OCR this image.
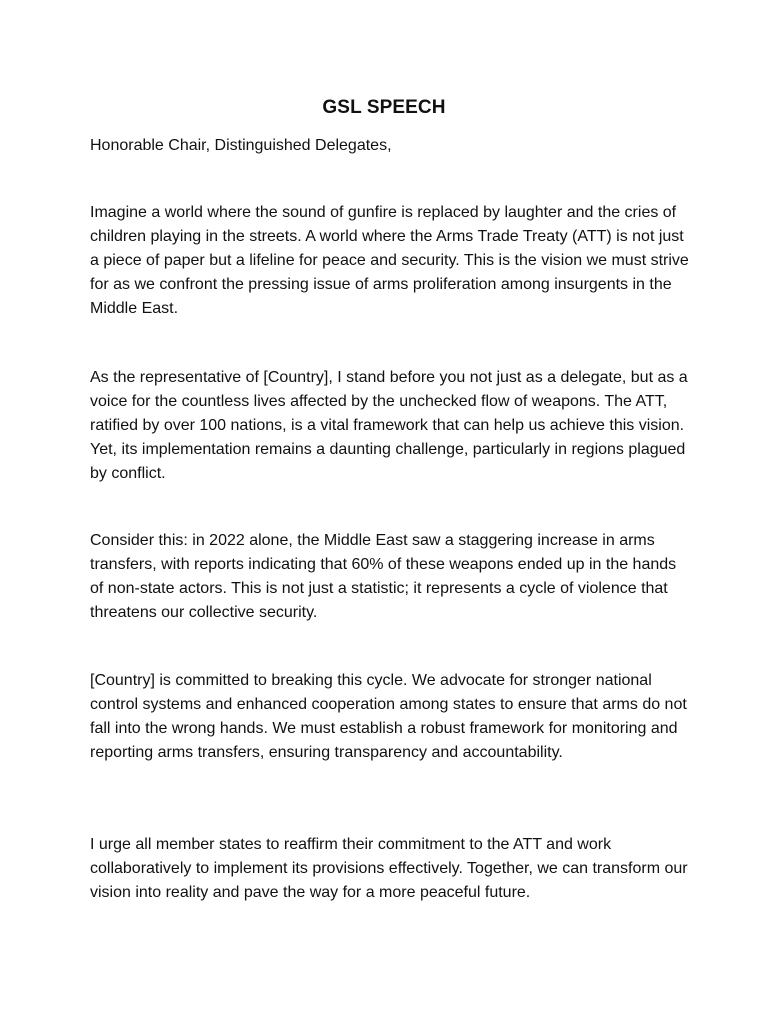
GSL SPEECH
Honorable Chair, Distinguished Delegates,

Imagine a world where the sound of gunfire is replaced by laughter and the cries of children playing in the streets. A world where the Arms Trade Treaty (ATT) is not just a piece of paper but a lifeline for peace and security. This is the vision we must strive for as we confront the pressing issue of arms proliferation among insurgents in the Middle East.

As the representative of [Country], I stand before you not just as a delegate, but as a voice for the countless lives affected by the unchecked flow of weapons. The ATT, ratified by over 100 nations, is a vital framework that can help us achieve this vision. Yet, its implementation remains a daunting challenge, particularly in regions plagued by conflict.

Consider this: in 2022 alone, the Middle East saw a staggering increase in arms transfers, with reports indicating that 60% of these weapons ended up in the hands of non-state actors. This is not just a statistic; it represents a cycle of violence that threatens our collective security.

[Country] is committed to breaking this cycle. We advocate for stronger national control systems and enhanced cooperation among states to ensure that arms do not fall into the wrong hands. We must establish a robust framework for monitoring and reporting arms transfers, ensuring transparency and accountability.

I urge all member states to reaffirm their commitment to the ATT and work collaboratively to implement its provisions effectively. Together, we can transform our vision into reality and pave the way for a more peaceful future.
